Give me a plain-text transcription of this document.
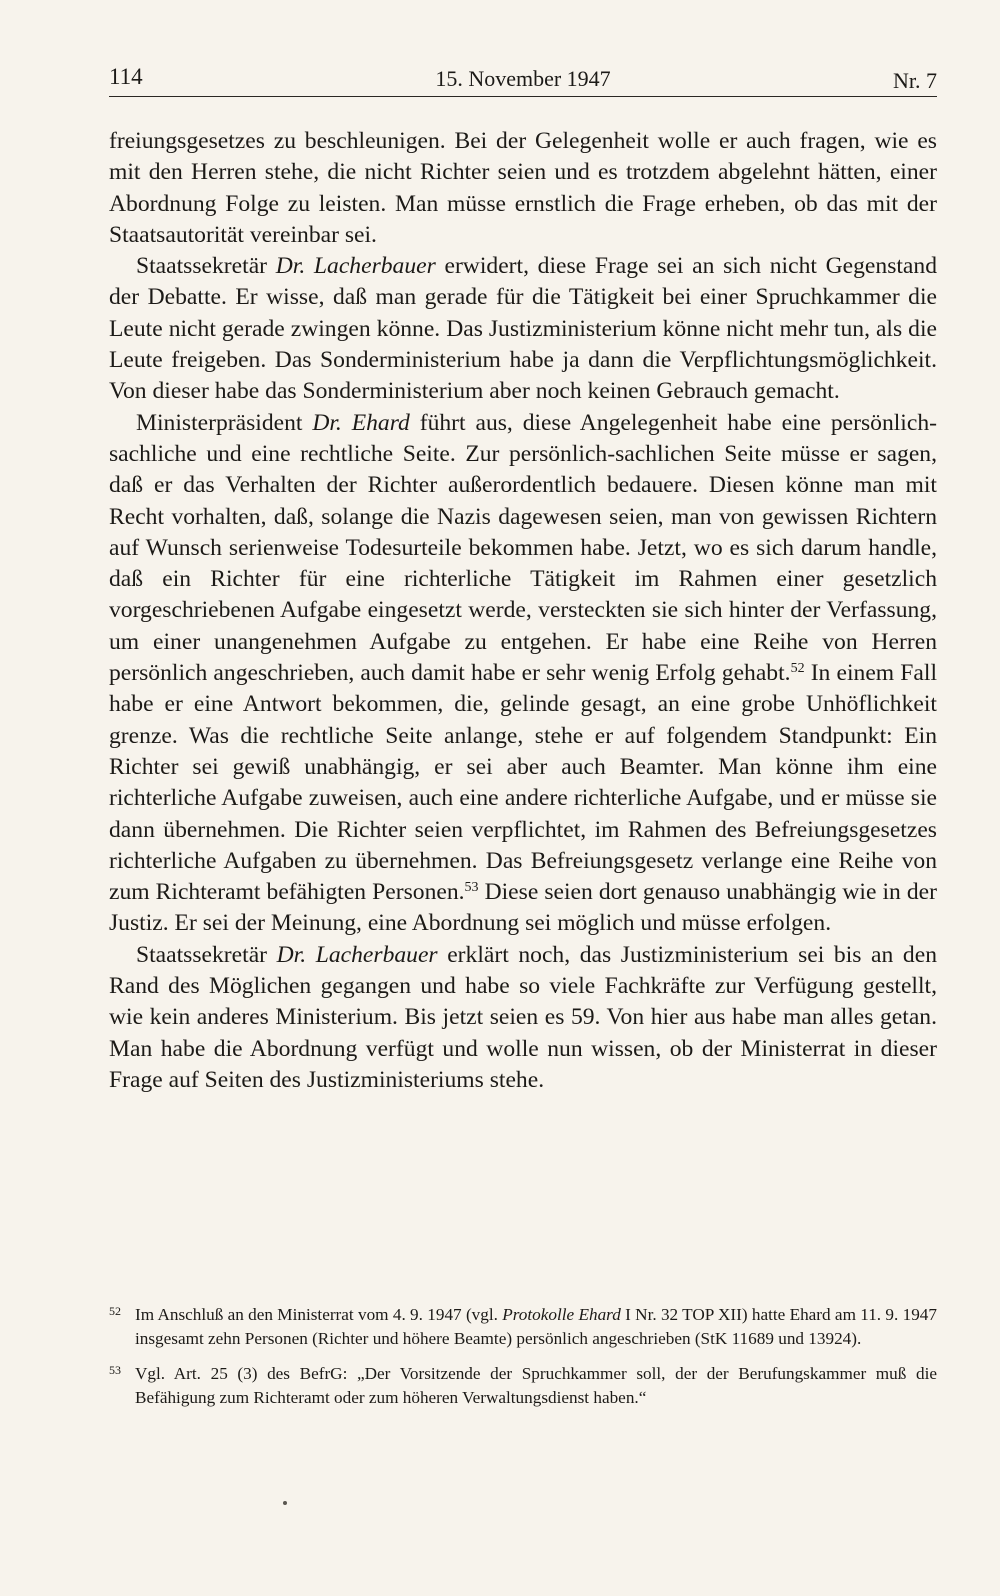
114	15. November 1947	Nr. 7

freiungsgesetzes zu beschleunigen. Bei der Gelegenheit wolle er auch fragen, wie es mit den Herren stehe, die nicht Richter seien und es trotzdem abgelehnt hätten, einer Abordnung Folge zu leisten. Man müsse ernstlich die Frage erheben, ob das mit der Staatsautorität vereinbar sei.

Staatssekretär Dr. Lacherbauer erwidert, diese Frage sei an sich nicht Gegenstand der Debatte. Er wisse, daß man gerade für die Tätigkeit bei einer Spruchkammer die Leute nicht gerade zwingen könne. Das Justizministerium könne nicht mehr tun, als die Leute freigeben. Das Sonderministerium habe ja dann die Verpflichtungsmöglichkeit. Von dieser habe das Sonderministerium aber noch keinen Gebrauch gemacht.

Ministerpräsident Dr. Ehard führt aus, diese Angelegenheit habe eine persönlich-sachliche und eine rechtliche Seite. Zur persönlich-sachlichen Seite müsse er sagen, daß er das Verhalten der Richter außerordentlich bedauere. Diesen könne man mit Recht vorhalten, daß, solange die Nazis dagewesen seien, man von gewissen Richtern auf Wunsch serienweise Todesurteile bekommen habe. Jetzt, wo es sich darum handle, daß ein Richter für eine richterliche Tätigkeit im Rahmen einer gesetzlich vorgeschriebenen Aufgabe eingesetzt werde, versteckten sie sich hinter der Verfassung, um einer unangenehmen Aufgabe zu entgehen. Er habe eine Reihe von Herren persönlich angeschrieben, auch damit habe er sehr wenig Erfolg gehabt.$^{52}$ In einem Fall habe er eine Antwort bekommen, die, gelinde gesagt, an eine grobe Unhöflichkeit grenze. Was die rechtliche Seite anlange, stehe er auf folgendem Standpunkt: Ein Richter sei gewiß unabhängig, er sei aber auch Beamter. Man könne ihm eine richterliche Aufgabe zuweisen, auch eine andere richterliche Aufgabe, und er müsse sie dann übernehmen. Die Richter seien verpflichtet, im Rahmen des Befreiungsgesetzes richterliche Aufgaben zu übernehmen. Das Befreiungsgesetz verlange eine Reihe von zum Richteramt befähigten Personen.$^{53}$ Diese seien dort genauso unabhängig wie in der Justiz. Er sei der Meinung, eine Abordnung sei möglich und müsse erfolgen.

Staatssekretär Dr. Lacherbauer erklärt noch, das Justizministerium sei bis an den Rand des Möglichen gegangen und habe so viele Fachkräfte zur Verfügung gestellt, wie kein anderes Ministerium. Bis jetzt seien es 59. Von hier aus habe man alles getan. Man habe die Abordnung verfügt und wolle nun wissen, ob der Ministerrat in dieser Frage auf Seiten des Justizministeriums stehe.

52 Im Anschluß an den Ministerrat vom 4. 9. 1947 (vgl. Protokolle Ehard I Nr. 32 TOP XII) hatte Ehard am 11. 9. 1947 insgesamt zehn Personen (Richter und höhere Beamte) persönlich angeschrieben (StK 11689 und 13924).
53 Vgl. Art. 25 (3) des BefrG: „Der Vorsitzende der Spruchkammer soll, der der Berufungskammer muß die Befähigung zum Richteramt oder zum höheren Verwaltungsdienst haben.“
